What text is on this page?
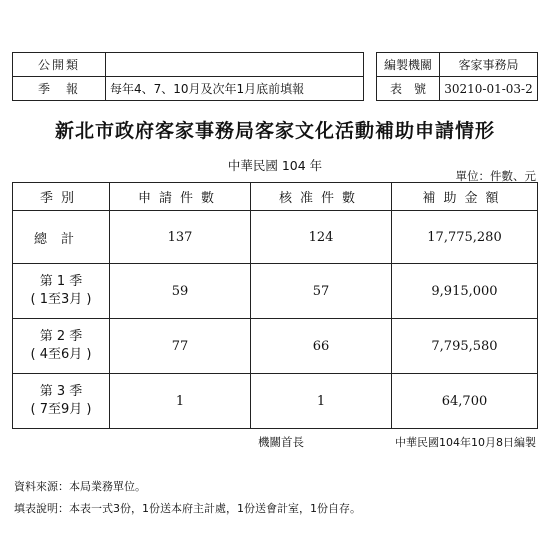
公開類	
季　報	每年4、7、10月及次年1月底前填報
編製機關	客家事務局
表　號	30210-01-03-2
新北市政府客家事務局客家文化活動補助申請情形
中華民國 104 年
單位：件數、元
季別	申請件數	核准件數	補助金額
總計	137	124	17,775,280

第 1 季
( 1至3月 )	59	57	9,915,000

第 2 季
( 4至6月 )	77	66	7,795,580

第 3 季
( 7至9月 )	1	1	64,700
機關首長	中華民國104年10月8日編製
資料來源：本局業務單位。
填表說明：本表一式3份，1份送本府主計處，1份送會計室，1份自存。
